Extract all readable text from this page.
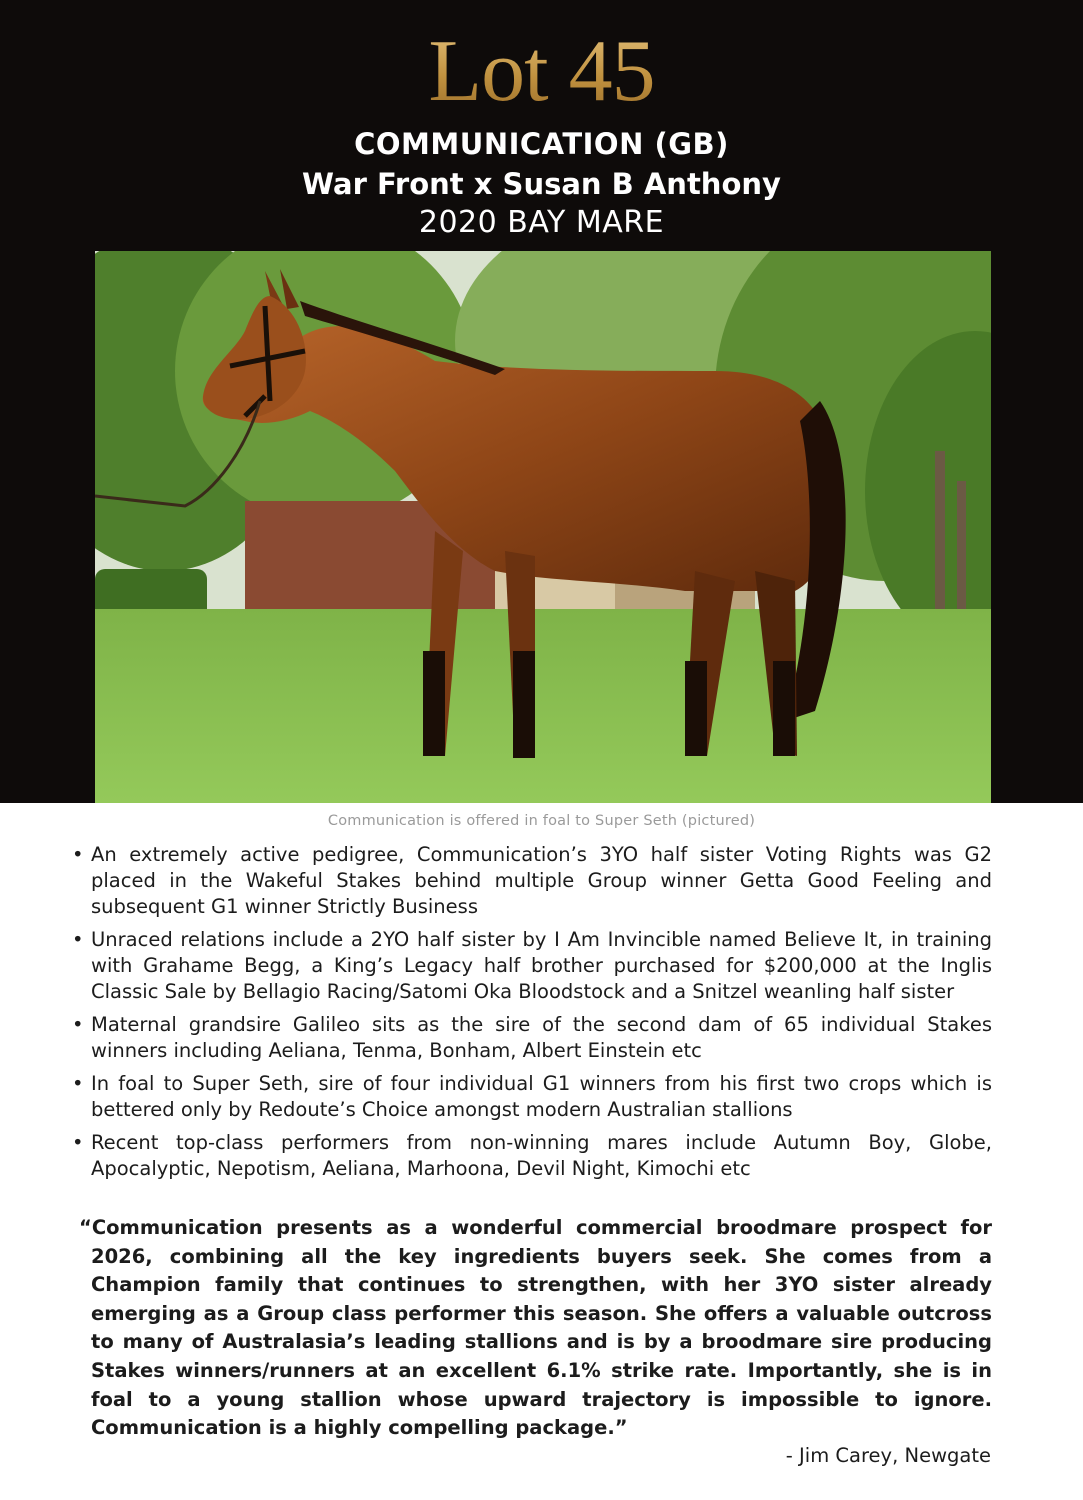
Lot 45
COMMUNICATION (GB)
War Front x Susan B Anthony
2020 BAY MARE
Communication is offered in foal to Super Seth (pictured)
• An extremely active pedigree, Communication’s 3YO half sister Voting Rights was G2 placed in the Wakeful Stakes behind multiple Group winner Getta Good Feeling and subsequent G1 winner Strictly Business
• Unraced relations include a 2YO half sister by I Am Invincible named Believe It, in training with Grahame Begg, a King’s Legacy half brother purchased for $200,000 at the Inglis Classic Sale by Bellagio Racing/Satomi Oka Bloodstock and a Snitzel weanling half sister
• Maternal grandsire Galileo sits as the sire of the second dam of 65 individual Stakes winners including Aeliana, Tenma, Bonham, Albert Einstein etc
• In foal to Super Seth, sire of four individual G1 winners from his first two crops which is bettered only by Redoute’s Choice amongst modern Australian stallions
• Recent top-class performers from non-winning mares include Autumn Boy, Globe, Apocalyptic, Nepotism, Aeliana, Marhoona, Devil Night, Kimochi etc
“Communication presents as a wonderful commercial broodmare prospect for 2026, combining all the key ingredients buyers seek. She comes from a Champion family that continues to strengthen, with her 3YO sister already emerging as a Group class performer this season. She offers a valuable outcross to many of Australasia’s leading stallions and is by a broodmare sire producing Stakes winners/runners at an excellent 6.1% strike rate. Importantly, she is in foal to a young stallion whose upward trajectory is impossible to ignore. Communication is a highly compelling package.”
- Jim Carey, Newgate
